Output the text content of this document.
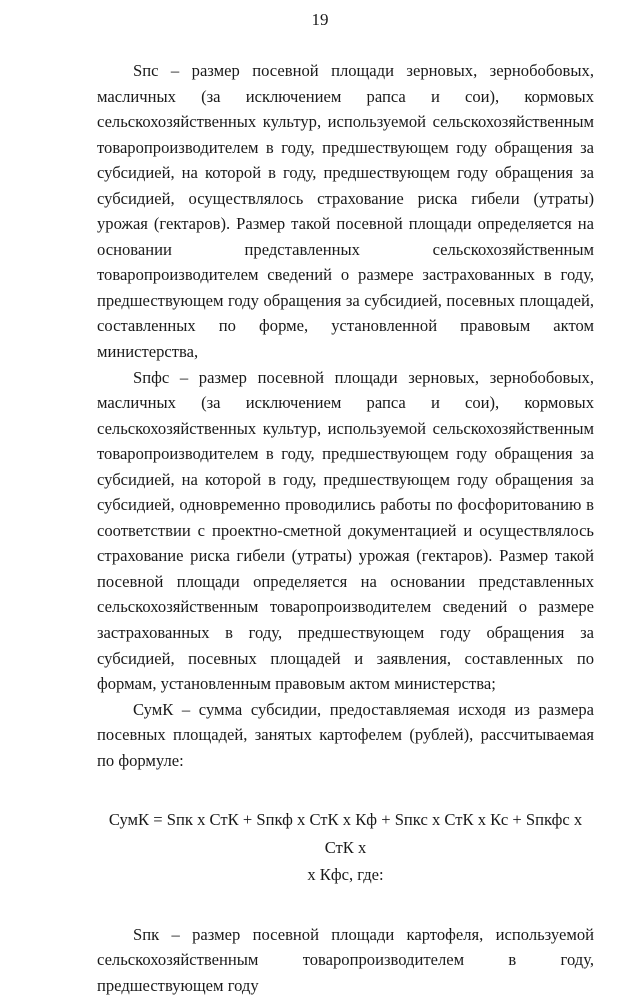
19

Sпс – размер посевной площади зерновых, зернобобовых, масличных (за исключением рапса и сои), кормовых сельскохозяйственных культур, используемой сельскохозяйственным товаропроизводителем в году, предшествующем году обращения за субсидией, на которой в году, предшествующем году обращения за субсидией, осуществлялось страхование риска гибели (утраты) урожая (гектаров). Размер такой посевной площади определяется на основании представленных сельскохозяйственным товаропроизводителем сведений о размере застрахованных в году, предшествующем году обращения за субсидией, посевных площадей, составленных по форме, установленной правовым актом министерства,

Sпфс – размер посевной площади зерновых, зернобобовых, масличных (за исключением рапса и сои), кормовых сельскохозяйственных культур, используемой сельскохозяйственным товаропроизводителем в году, предшествующем году обращения за субсидией, на которой в году, предшествующем году обращения за субсидией, одновременно проводились работы по фосфоритованию в соответствии с проектно-сметной документацией и осуществлялось страхование риска гибели (утраты) урожая (гектаров). Размер такой посевной площади определяется на основании представленных сельскохозяйственным товаропроизводителем сведений о размере застрахованных в году, предшествующем году обращения за субсидией, посевных площадей и заявления, составленных по формам, установленным правовым актом министерства;

СумК – сумма субсидии, предоставляемая исходя из размера посевных площадей, занятых картофелем (рублей), рассчитываемая по формуле:

СумК = Sпк x СтК + Sпкф x СтК x Кф + Sпкс x СтК x Кс + Sпкфс x СтК x
x Кфс, где:

Sпк – размер посевной площади картофеля, используемой сельскохозяйственным товаропроизводителем в году, предшествующем году
